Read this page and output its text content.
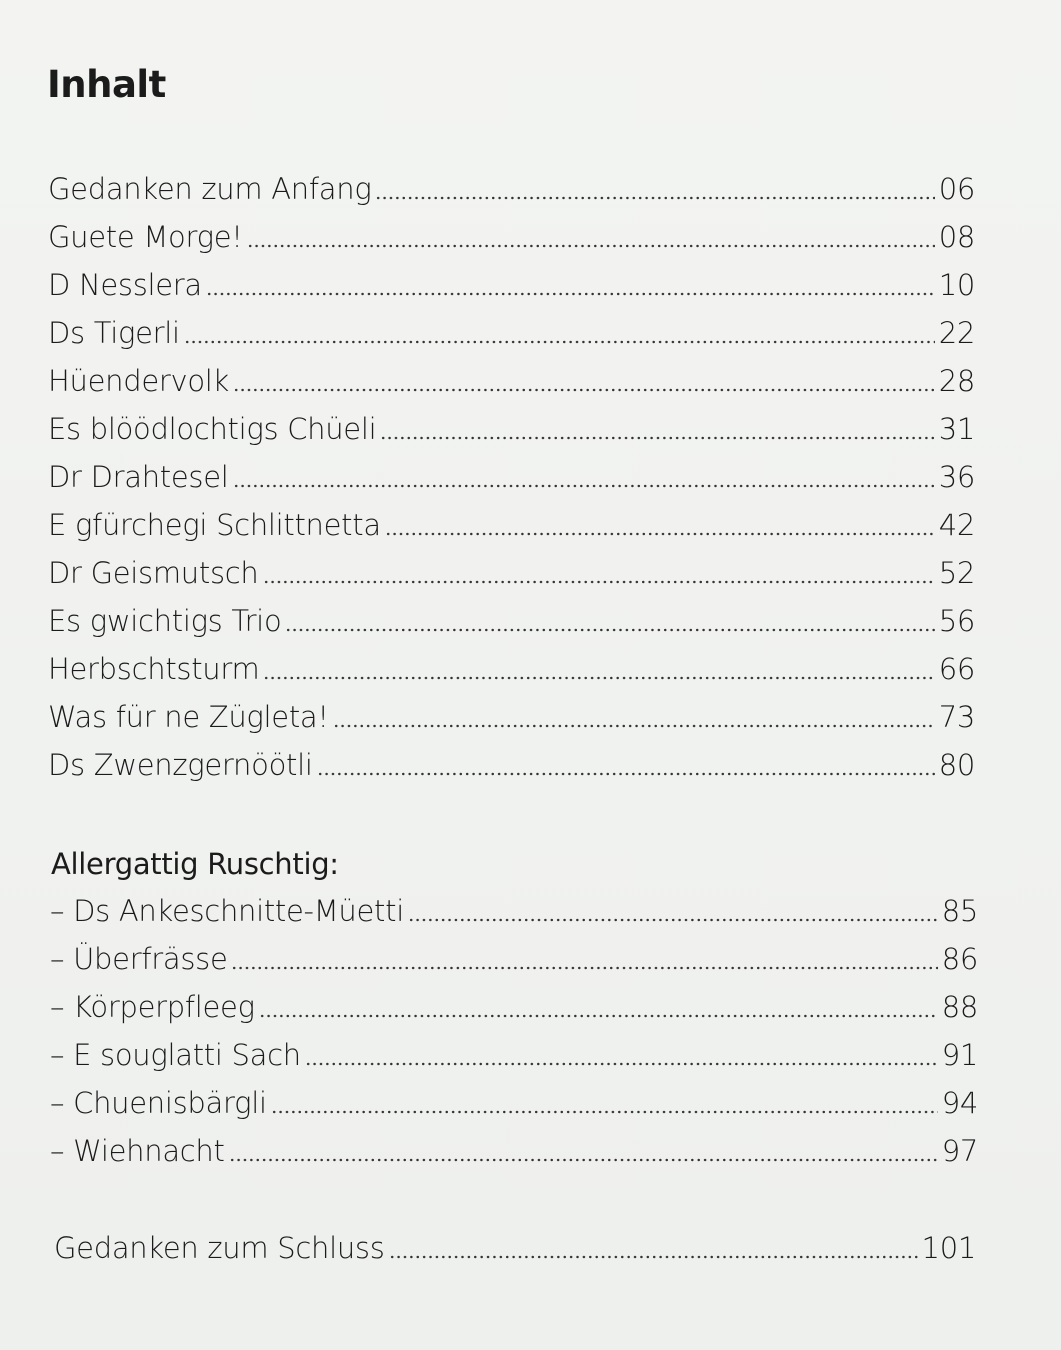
Inhalt
Gedanken zum Anfang	06
Guete Morge!	08
D Nesslera	10
Ds Tigerli	22
Hüendervolk	28
Es blöödlochtigs Chüeli	31
Dr Drahtesel	36
E gfürchegi Schlittnetta	42
Dr Geismutsch	52
Es gwichtigs Trio	56
Herbschtsturm	66
Was für ne Zügleta!	73
Ds Zwenzgernöötli	80
Allergattig Ruschtig:
– Ds Ankeschnitte-Müetti	85
– Überfrässe	86
– Körperpfleeg	88
– E souglatti Sach	91
– Chuenisbärgli	94
– Wiehnacht	97
Gedanken zum Schluss	101
